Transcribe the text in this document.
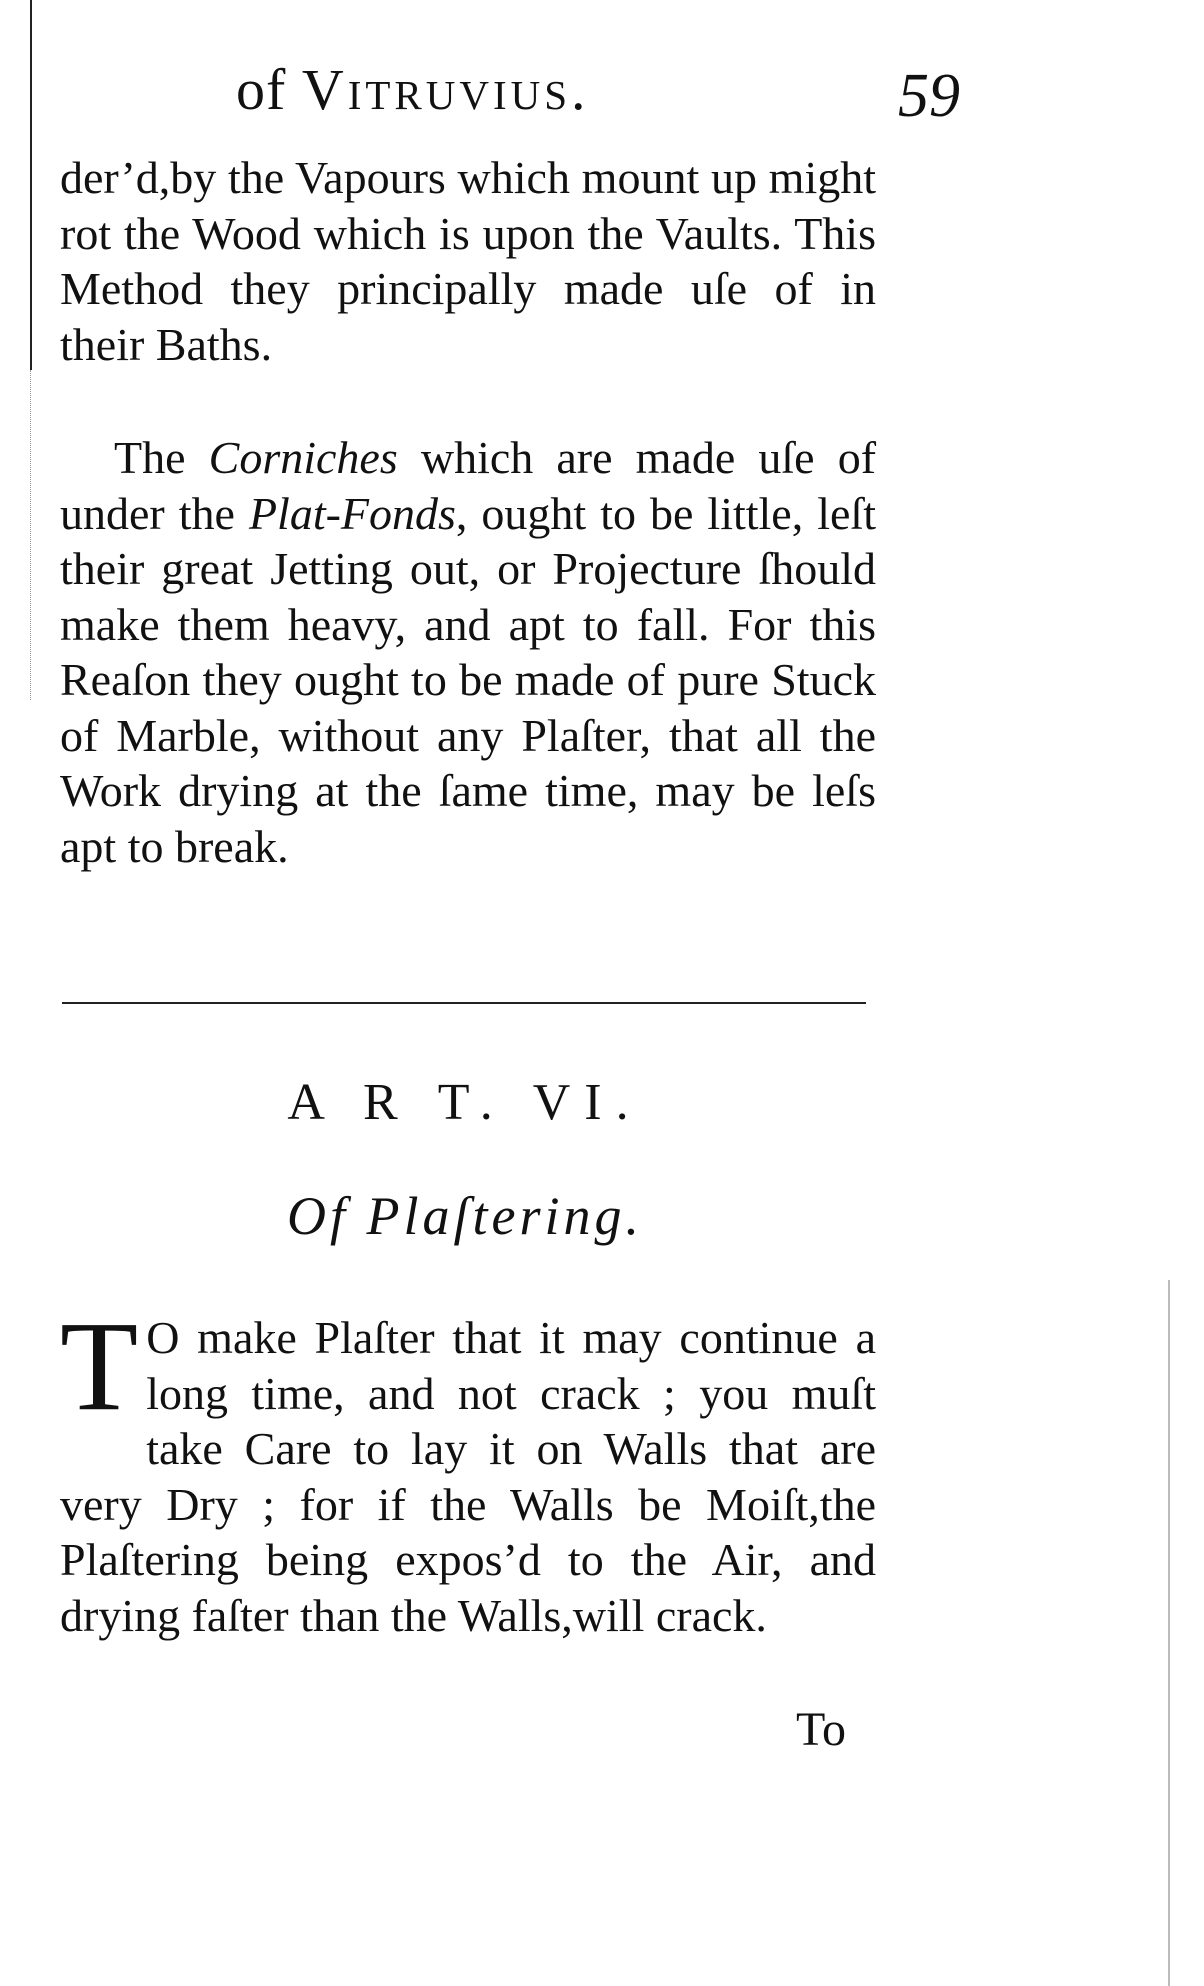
of Vitruvius.	59
der’d,by the Vapours which mount up might rot the Wood which is upon the Vaults. This Method they principally made uſe of in their Baths.
The Corniches which are made uſe of under the Plat-Fonds, ought to be little, leſt their great Jetting out, or Projecture ſhould make them heavy, and apt to fall. For this Reaſon they ought to be made of pure Stuck of Marble, without any Plaſter, that all the Work drying at the ſame time, may be leſs apt to break.
A R T. VI.
Of Plaſtering.
T O make Plaſter that it may continue a long time, and not crack ; you muſt take Care to lay it on Walls that are very Dry ; for if the Walls be Moiſt,the Plaſtering being expos’d to the Air, and drying faſter than the Walls,will crack.
To
